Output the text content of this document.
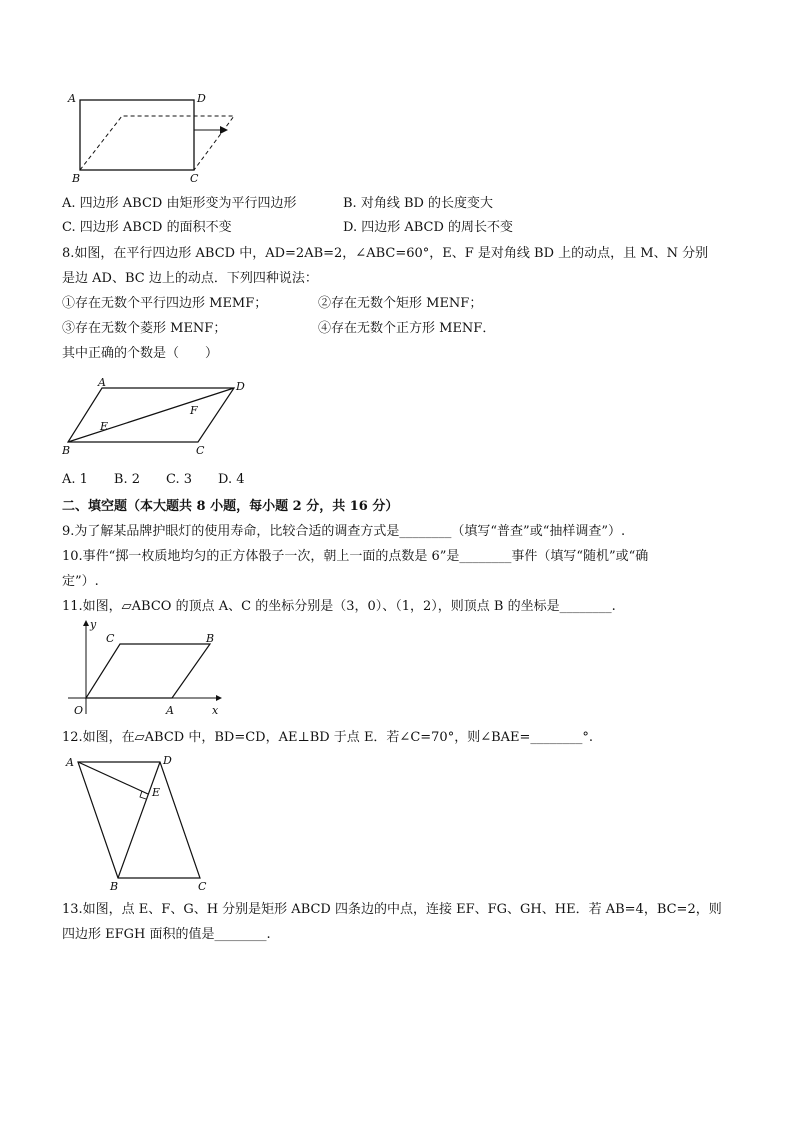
A	D
B	C
A. 四边形 ABCD 由矩形变为平行四边形	B. 对角线 BD 的长度变大
C. 四边形 ABCD 的面积不变	D. 四边形 ABCD 的周长不变
8.如图，在平行四边形 ABCD 中，AD=2AB=2，∠ABC=60°，E、F 是对角线 BD 上的动点，且 M、N 分别
是边 AD、BC 边上的动点．下列四种说法：
①存在无数个平行四边形 MEMF；	②存在无数个矩形 MENF；
③存在无数个菱形 MENF；	④存在无数个正方形 MENF．
其中正确的个数是（　　）
A	D
B	C
E
F
A. 1　　B. 2　　C. 3　　D. 4
二、填空题（本大题共 8 小题，每小题 2 分，共 16 分）
9.为了解某品牌护眼灯的使用寿命，比较合适的调查方式是________（填写“普查”或“抽样调查”）.
10.事件“掷一枚质地均匀的正方体骰子一次，朝上一面的点数是 6”是________事件（填写“随机”或“确
定”）.
11.如图，▱ABCO 的顶点 A、C 的坐标分别是（3，0）、（1，2），则顶点 B 的坐标是________.
y
C	B
O	A	x
12.如图，在▱ABCD 中，BD=CD，AE⊥BD 于点 E．若∠C=70°，则∠BAE=________°.
A	D
E
B	C
13.如图，点 E、F、G、H 分别是矩形 ABCD 四条边的中点，连接 EF、FG、GH、HE．若 AB=4，BC=2，则
四边形 EFGH 面积的值是________.
